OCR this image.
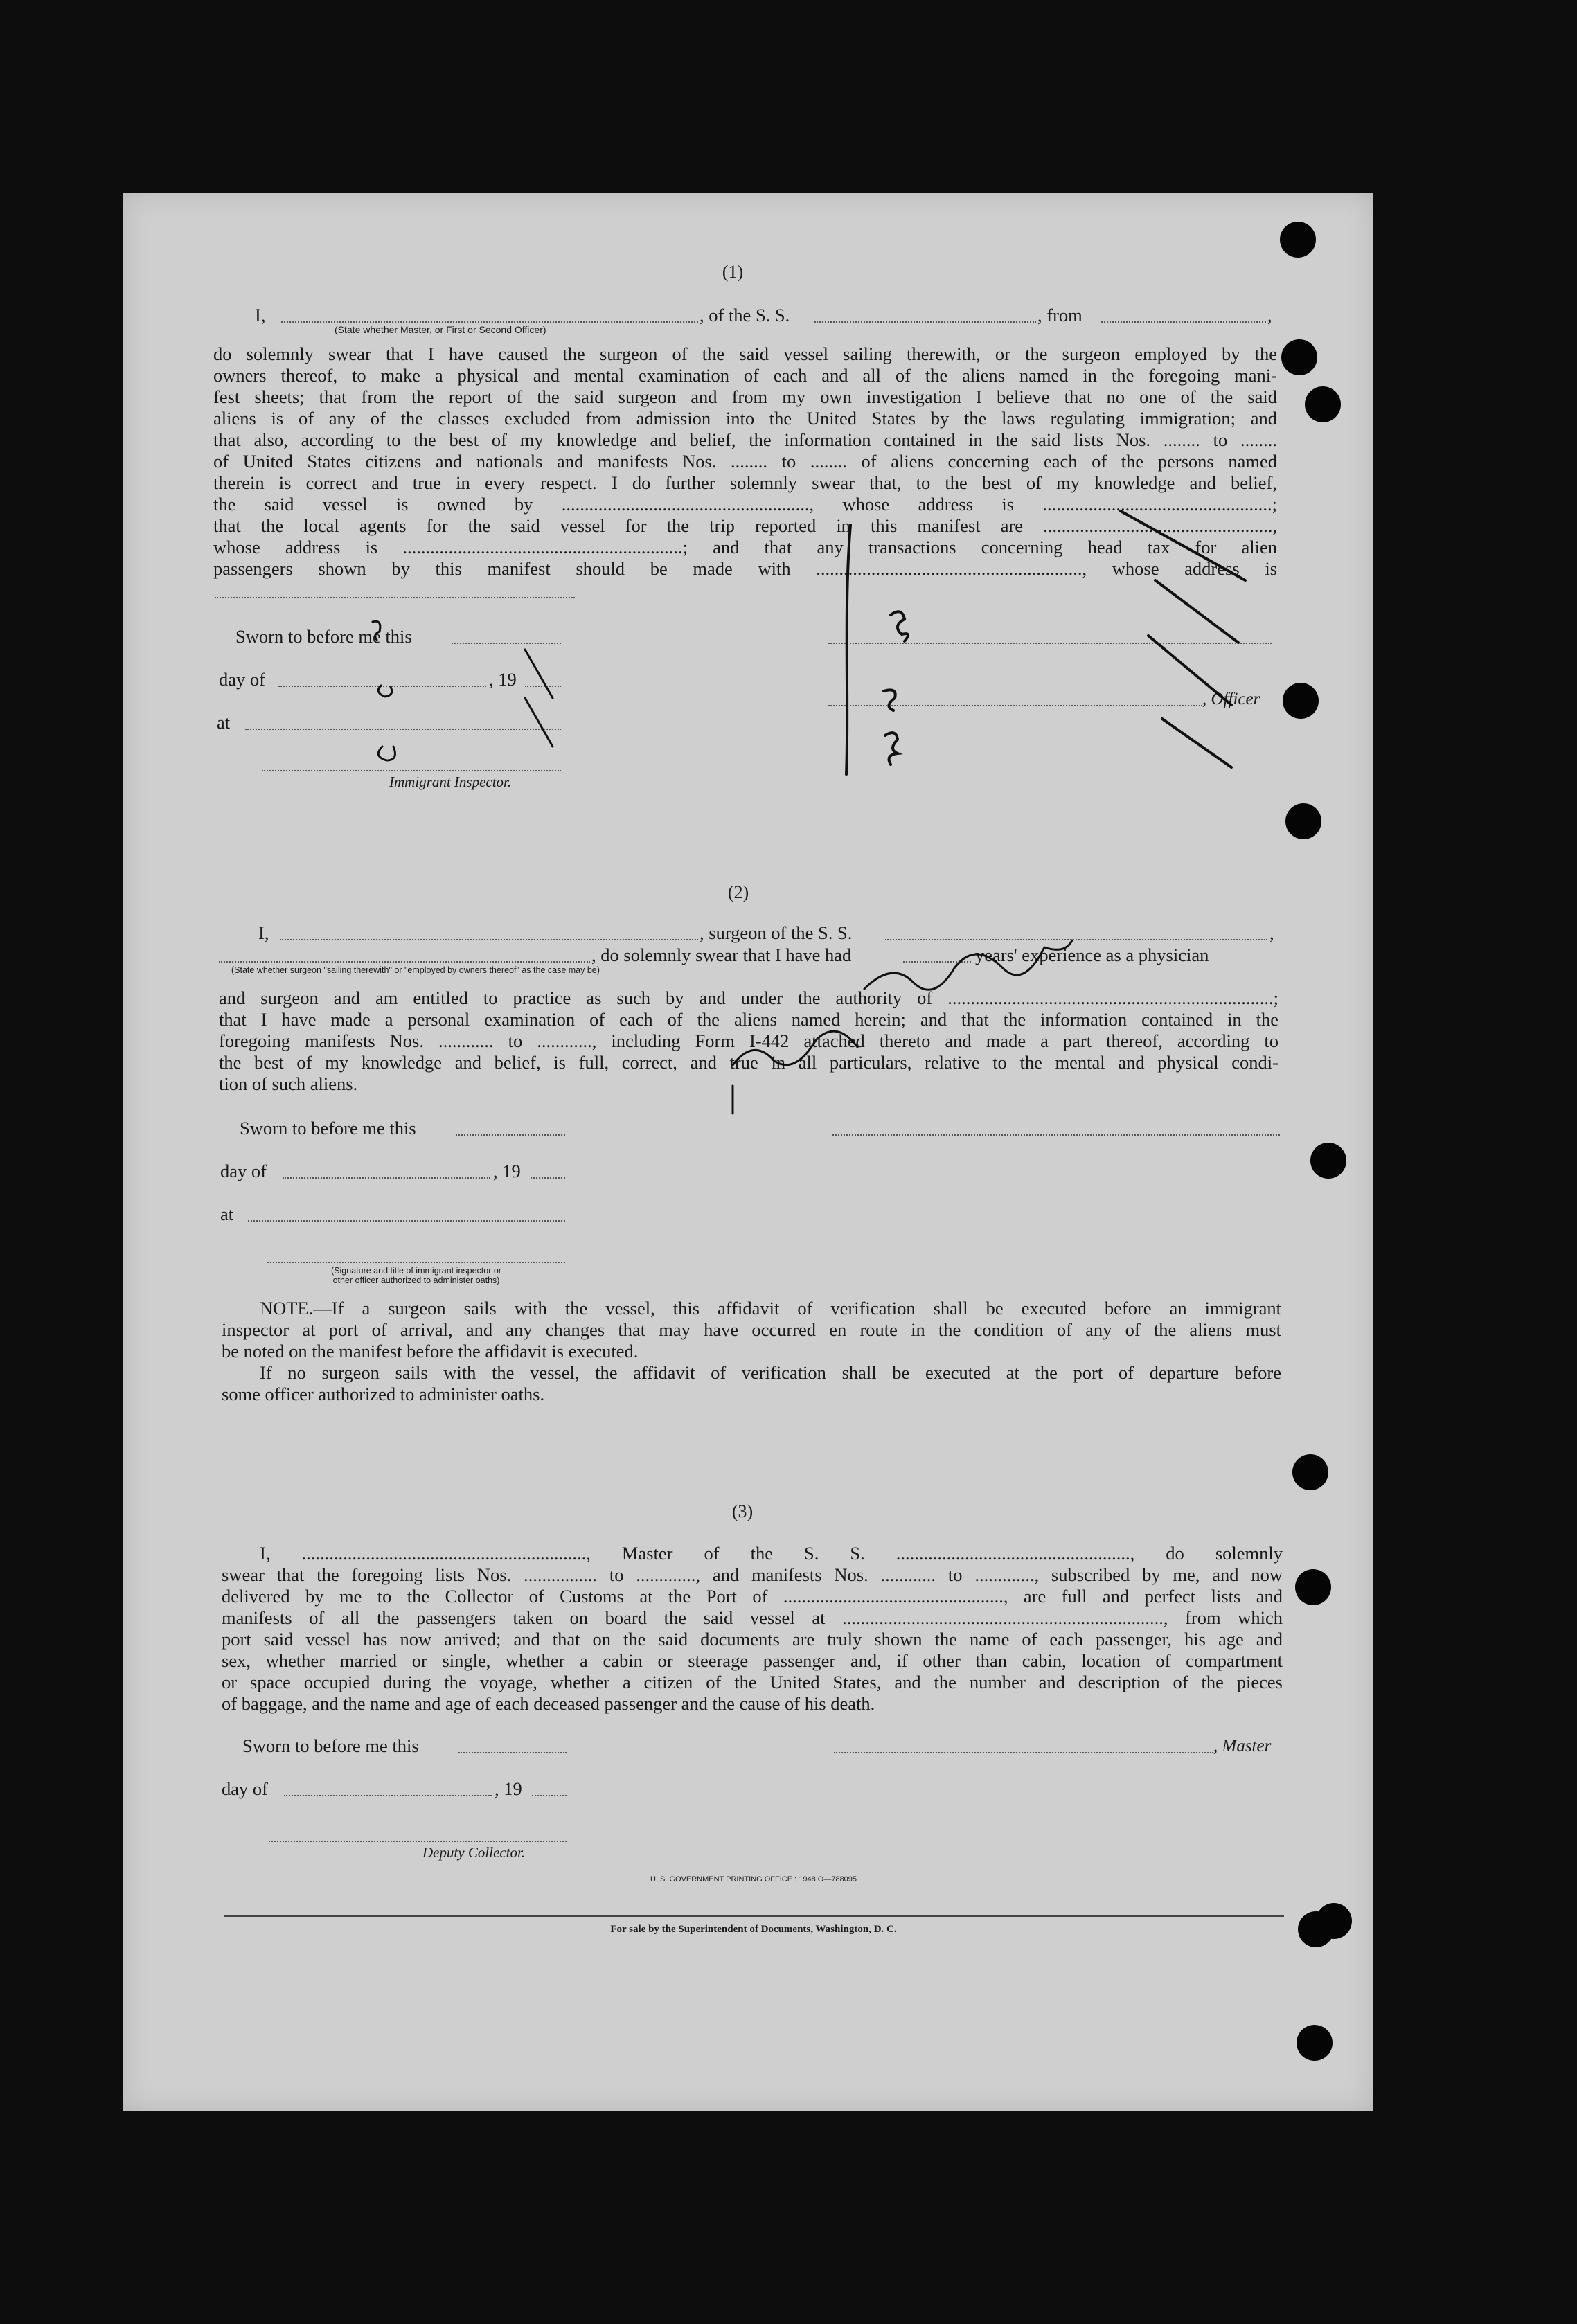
(1)
I,	, of the S. S.	, from	,
(State whether Master, or First or Second Officer)
do solemnly swear that I have caused the surgeon of the said vessel sailing therewith, or the surgeon employed by the
owners thereof, to make a physical and mental examination of each and all of the aliens named in the foregoing mani-
fest sheets; that from the report of the said surgeon and from my own investigation I believe that no one of the said
aliens is of any of the classes excluded from admission into the United States by the laws regulating immigration; and
that also, according to the best of my knowledge and belief, the information contained in the said lists Nos. ........ to ........
of United States citizens and nationals and manifests Nos. ........ to ........ of aliens concerning each of the persons named
therein is correct and true in every respect. I do further solemnly swear that, to the best of my knowledge and belief,
the said vessel is owned by ......................................................, whose address is ..................................................;
that the local agents for the said vessel for the trip reported in this manifest are ..................................................,
whose address is .............................................................; and that any transactions concerning head tax for alien
passengers shown by this manifest should be made with .........................................................., whose address is
Sworn to before me this
day of	, 19
at
Immigrant Inspector.
, Officer
(2)
I,	, surgeon of the S. S.	,
, do solemnly swear that I have had	years' experience as a physician
(State whether surgeon "sailing therewith" or "employed by owners thereof" as the case may be)
and surgeon and am entitled to practice as such by and under the authority of .......................................................................;
that I have made a personal examination of each of the aliens named herein; and that the information contained in the
foregoing manifests Nos. ............ to ............, including Form I-442 attached thereto and made a part thereof, according to
the best of my knowledge and belief, is full, correct, and true in all particulars, relative to the mental and physical condi-
tion of such aliens.
Sworn to before me this
day of	, 19
at
(Signature and title of immigrant inspector or
other officer authorized to administer oaths)
NOTE.—If a surgeon sails with the vessel, this affidavit of verification shall be executed before an immigrant
inspector at port of arrival, and any changes that may have occurred en route in the condition of any of the aliens must
be noted on the manifest before the affidavit is executed.
If no surgeon sails with the vessel, the affidavit of verification shall be executed at the port of departure before
some officer authorized to administer oaths.
(3)
I, .............................................................., Master of the S. S. ..................................................., do solemnly
swear that the foregoing lists Nos. ................ to ............., and manifests Nos. ............ to ............., subscribed by me, and now
delivered by me to the Collector of Customs at the Port of ................................................, are full and perfect lists and
manifests of all the passengers taken on board the said vessel at ......................................................................, from which
port said vessel has now arrived; and that on the said documents are truly shown the name of each passenger, his age and
sex, whether married or single, whether a cabin or steerage passenger and, if other than cabin, location of compartment
or space occupied during the voyage, whether a citizen of the United States, and the number and description of the pieces
of baggage, and the name and age of each deceased passenger and the cause of his death.
Sworn to before me this	, Master
day of	, 19
Deputy Collector.
U. S. GOVERNMENT PRINTING OFFICE : 1948 O—788095
For sale by the Superintendent of Documents, Washington, D. C.
